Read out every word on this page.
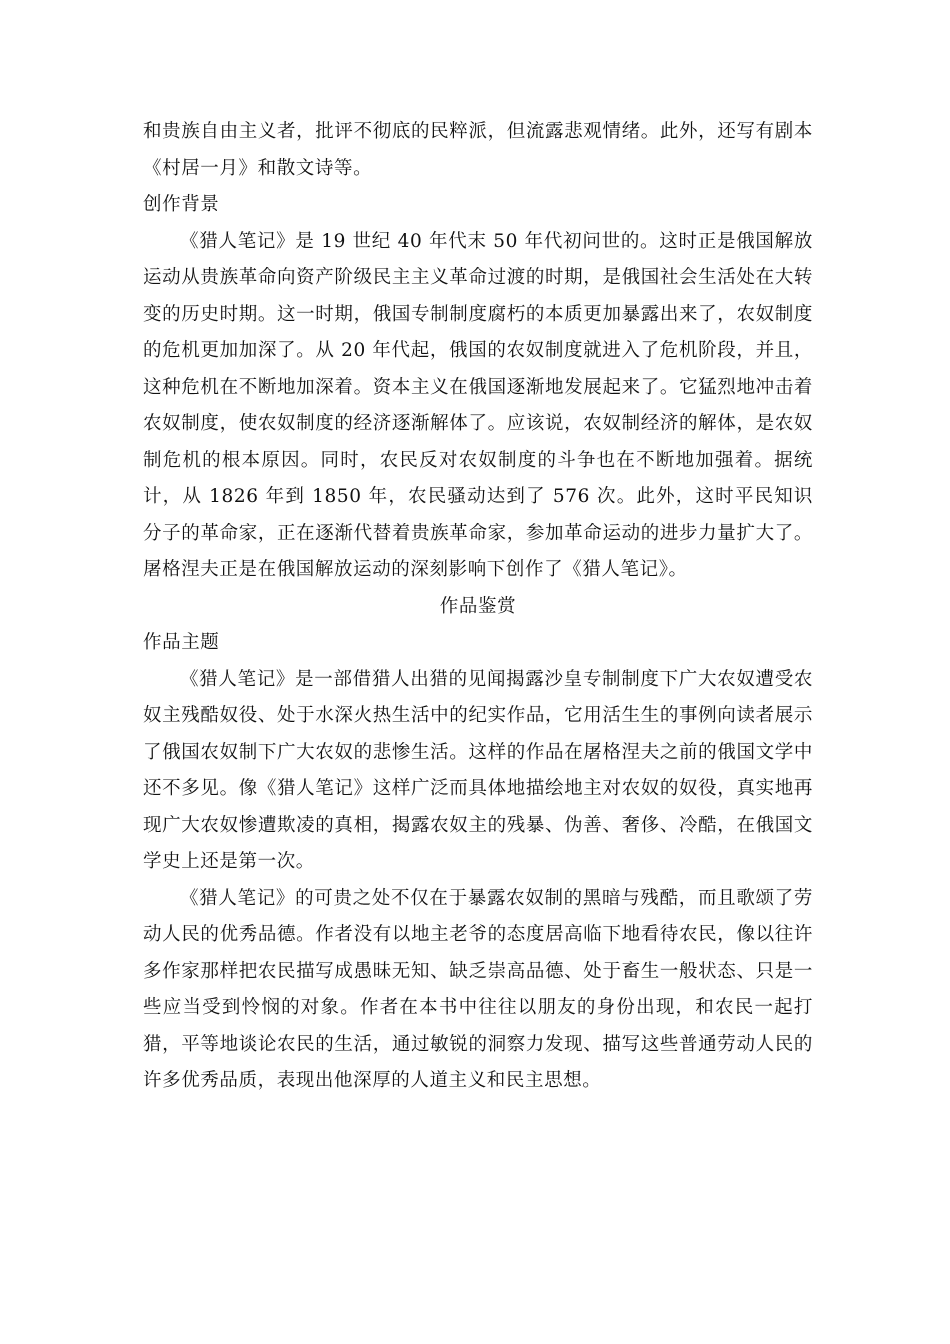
和贵族自由主义者，批评不彻底的民粹派，但流露悲观情绪。此外，还写有剧本《村居一月》和散文诗等。

创作背景

《猎人笔记》是 19 世纪 40 年代末 50 年代初问世的。这时正是俄国解放运动从贵族革命向资产阶级民主主义革命过渡的时期，是俄国社会生活处在大转变的历史时期。这一时期，俄国专制制度腐朽的本质更加暴露出来了，农奴制度的危机更加加深了。从 20 年代起，俄国的农奴制度就进入了危机阶段，并且，这种危机在不断地加深着。资本主义在俄国逐渐地发展起来了。它猛烈地冲击着农奴制度，使农奴制度的经济逐渐解体了。应该说，农奴制经济的解体，是农奴制危机的根本原因。同时，农民反对农奴制度的斗争也在不断地加强着。据统计，从 1826 年到 1850 年，农民骚动达到了 576 次。此外，这时平民知识分子的革命家，正在逐渐代替着贵族革命家，参加革命运动的进步力量扩大了。屠格涅夫正是在俄国解放运动的深刻影响下创作了《猎人笔记》。

作品鉴赏

作品主题

《猎人笔记》是一部借猎人出猎的见闻揭露沙皇专制制度下广大农奴遭受农奴主残酷奴役、处于水深火热生活中的纪实作品，它用活生生的事例向读者展示了俄国农奴制下广大农奴的悲惨生活。这样的作品在屠格涅夫之前的俄国文学中还不多见。像《猎人笔记》这样广泛而具体地描绘地主对农奴的奴役，真实地再现广大农奴惨遭欺凌的真相，揭露农奴主的残暴、伪善、奢侈、冷酷，在俄国文学史上还是第一次。

《猎人笔记》的可贵之处不仅在于暴露农奴制的黑暗与残酷，而且歌颂了劳动人民的优秀品德。作者没有以地主老爷的态度居高临下地看待农民，像以往许多作家那样把农民描写成愚昧无知、缺乏崇高品德、处于畜生一般状态、只是一些应当受到怜悯的对象。作者在本书中往往以朋友的身份出现，和农民一起打猎，平等地谈论农民的生活，通过敏锐的洞察力发现、描写这些普通劳动人民的许多优秀品质，表现出他深厚的人道主义和民主思想。
